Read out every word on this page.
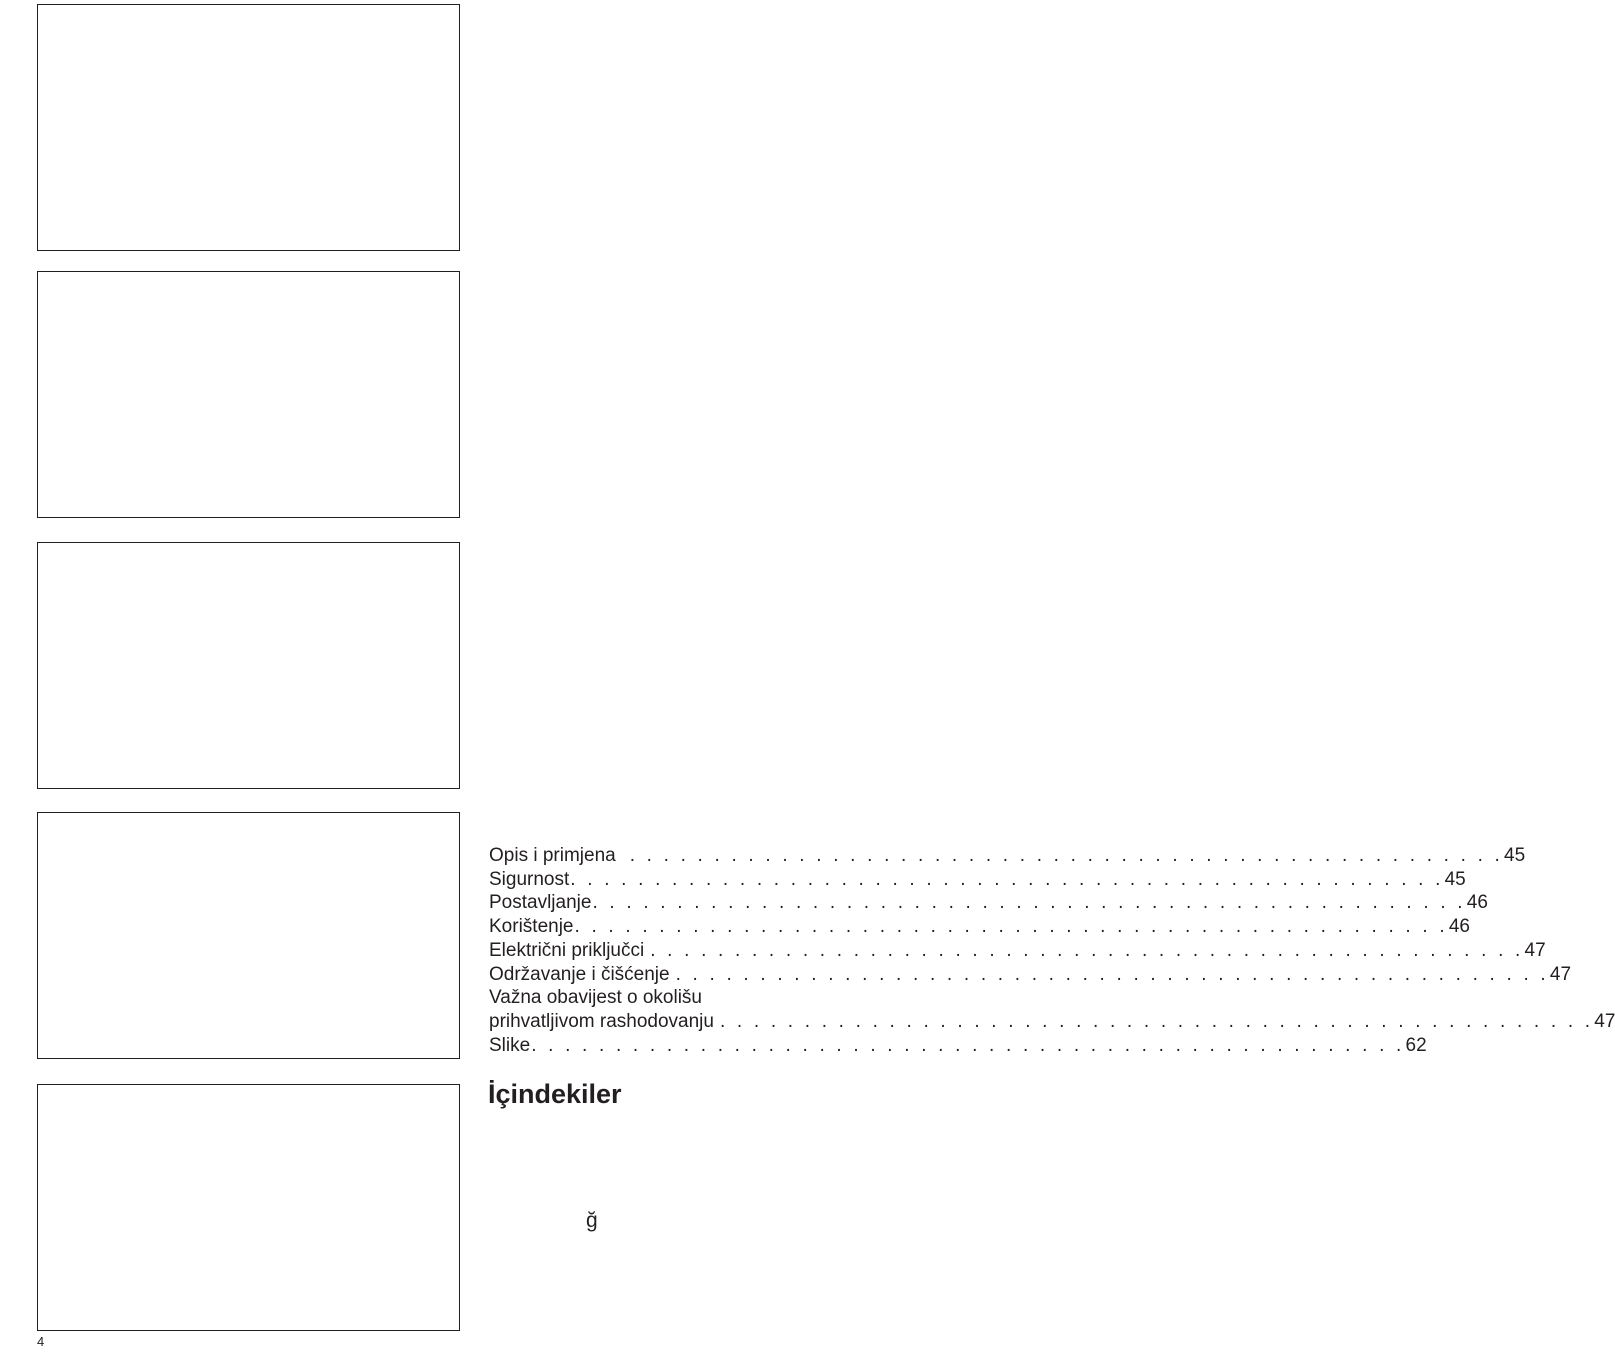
Opis i primjena . . . . . . . . . . . . . . . . . . . . . . . . . . . . . . . . . . . . . . . . . . . . . . . . . . . . 45
Sigurnost . . . . . . . . . . . . . . . . . . . . . . . . . . . . . . . . . . . . . . . . . . . . . . . . . . . . 45
Postavljanje . . . . . . . . . . . . . . . . . . . . . . . . . . . . . . . . . . . . . . . . . . . . . . . . . . . . 46
Korištenje . . . . . . . . . . . . . . . . . . . . . . . . . . . . . . . . . . . . . . . . . . . . . . . . . . . . 46
Električni priključci . . . . . . . . . . . . . . . . . . . . . . . . . . . . . . . . . . . . . . . . . . . . . . . . . . . . 47
Održavanje i čišćenje . . . . . . . . . . . . . . . . . . . . . . . . . . . . . . . . . . . . . . . . . . . . . . . . . . . . 47
Važna obavijest o okolišu
prihvatljivom rashodovanju . . . . . . . . . . . . . . . . . . . . . . . . . . . . . . . . . . . . . . . . . . . . . . . . . . . . 47
Slike . . . . . . . . . . . . . . . . . . . . . . . . . . . . . . . . . . . . . . . . . . . . . . . . . . . . 62
İçindekiler
ğ
4
